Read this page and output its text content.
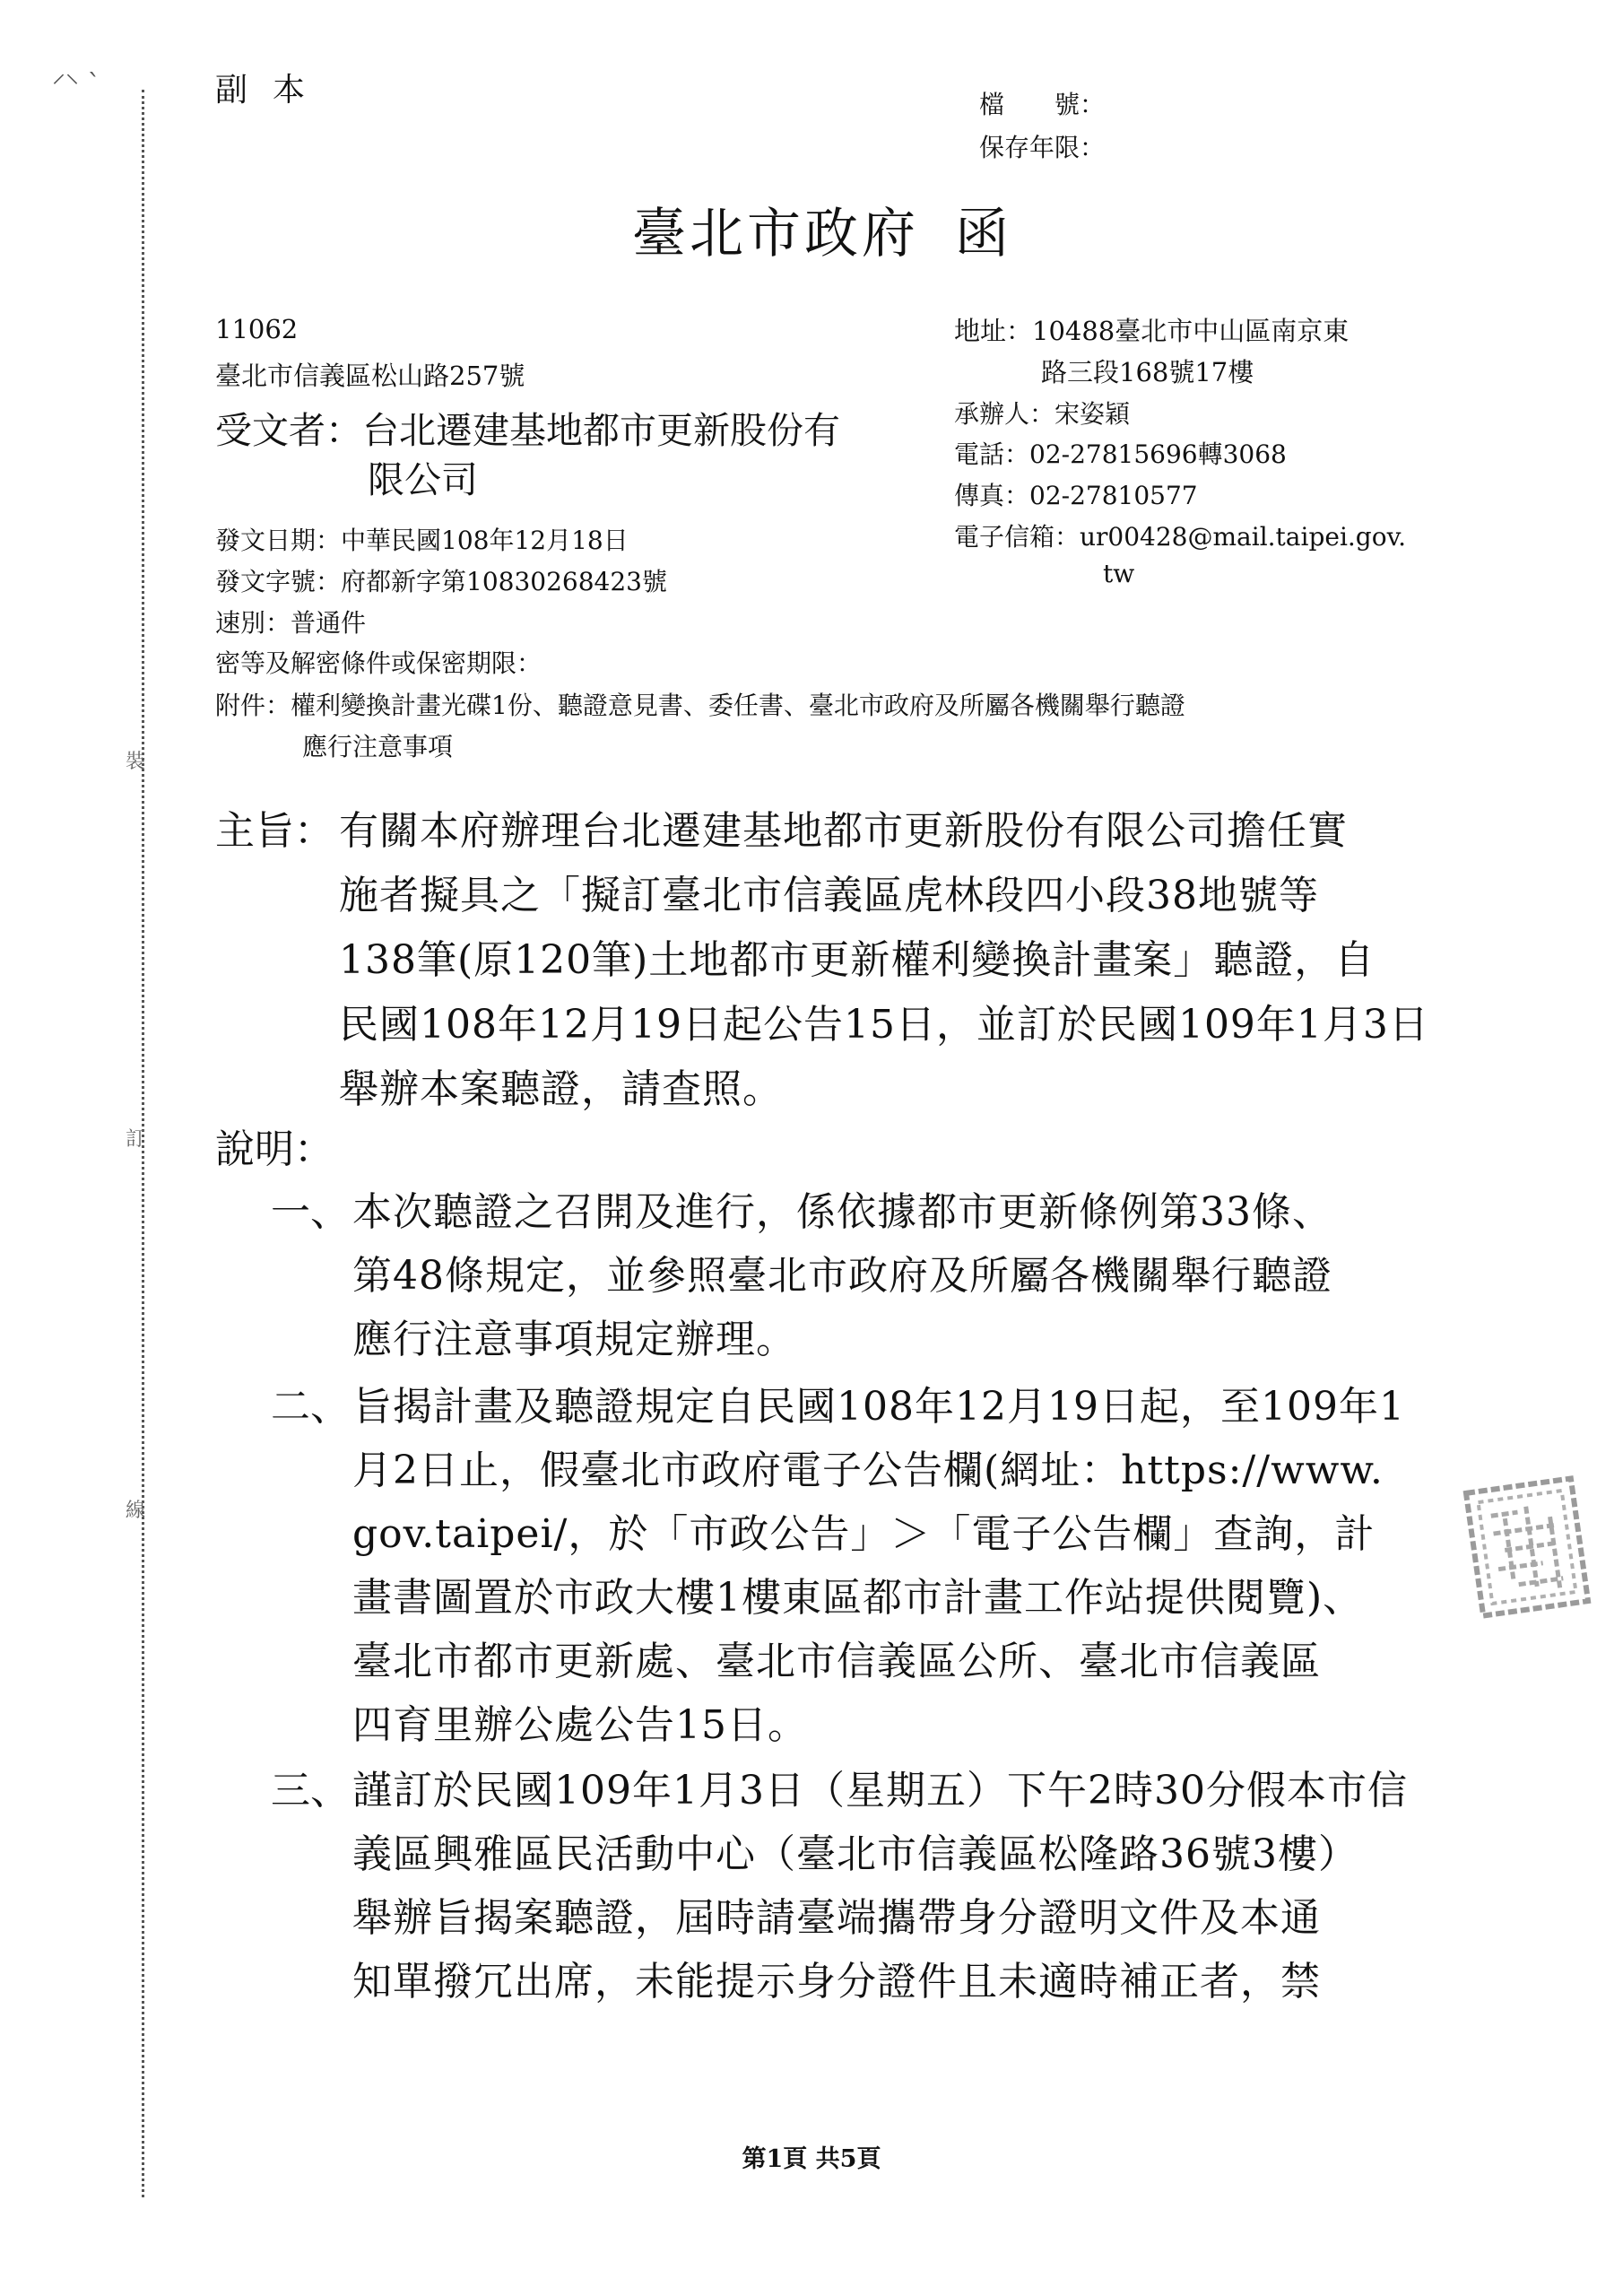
裝
訂
線
⸍⸌ ˋ	副本	檔　　號：
保存年限：
臺北市政府 函
11062
臺北市信義區松山路257號
受文者：台北遷建基地都市更新股份有
限公司
地址：10488臺北市中山區南京東
路三段168號17樓
承辦人：宋姿穎
電話：02-27815696轉3068
傳真：02-27810577
電子信箱：ur00428@mail.taipei.gov.
tw
發文日期：中華民國108年12月18日
發文字號：府都新字第10830268423號
速別：普通件
密等及解密條件或保密期限：
附件：權利變換計畫光碟1份、聽證意見書、委任書、臺北市政府及所屬各機關舉行聽證
應行注意事項
主旨： 有關本府辦理台北遷建基地都市更新股份有限公司擔任實
施者擬具之「擬訂臺北市信義區虎林段四小段38地號等
138筆(原120筆)土地都市更新權利變換計畫案」聽證，自
民國108年12月19日起公告15日，並訂於民國109年1月3日
舉辦本案聽證，請查照。
說明：
一、 本次聽證之召開及進行，係依據都市更新條例第33條、
第48條規定，並參照臺北市政府及所屬各機關舉行聽證
應行注意事項規定辦理。
二、 旨揭計畫及聽證規定自民國108年12月19日起，至109年1
月2日止，假臺北市政府電子公告欄(網址：https://www.
gov.taipei/，於「市政公告」＞「電子公告欄」查詢，計
畫書圖置於市政大樓1樓東區都市計畫工作站提供閱覽)、
臺北市都市更新處、臺北市信義區公所、臺北市信義區
四育里辦公處公告15日。
三、 謹訂於民國109年1月3日（星期五）下午2時30分假本市信
義區興雅區民活動中心（臺北市信義區松隆路36號3樓）
舉辦旨揭案聽證，屆時請臺端攜帶身分證明文件及本通
知單撥冗出席，未能提示身分證件且未適時補正者，禁
第1頁 共5頁
